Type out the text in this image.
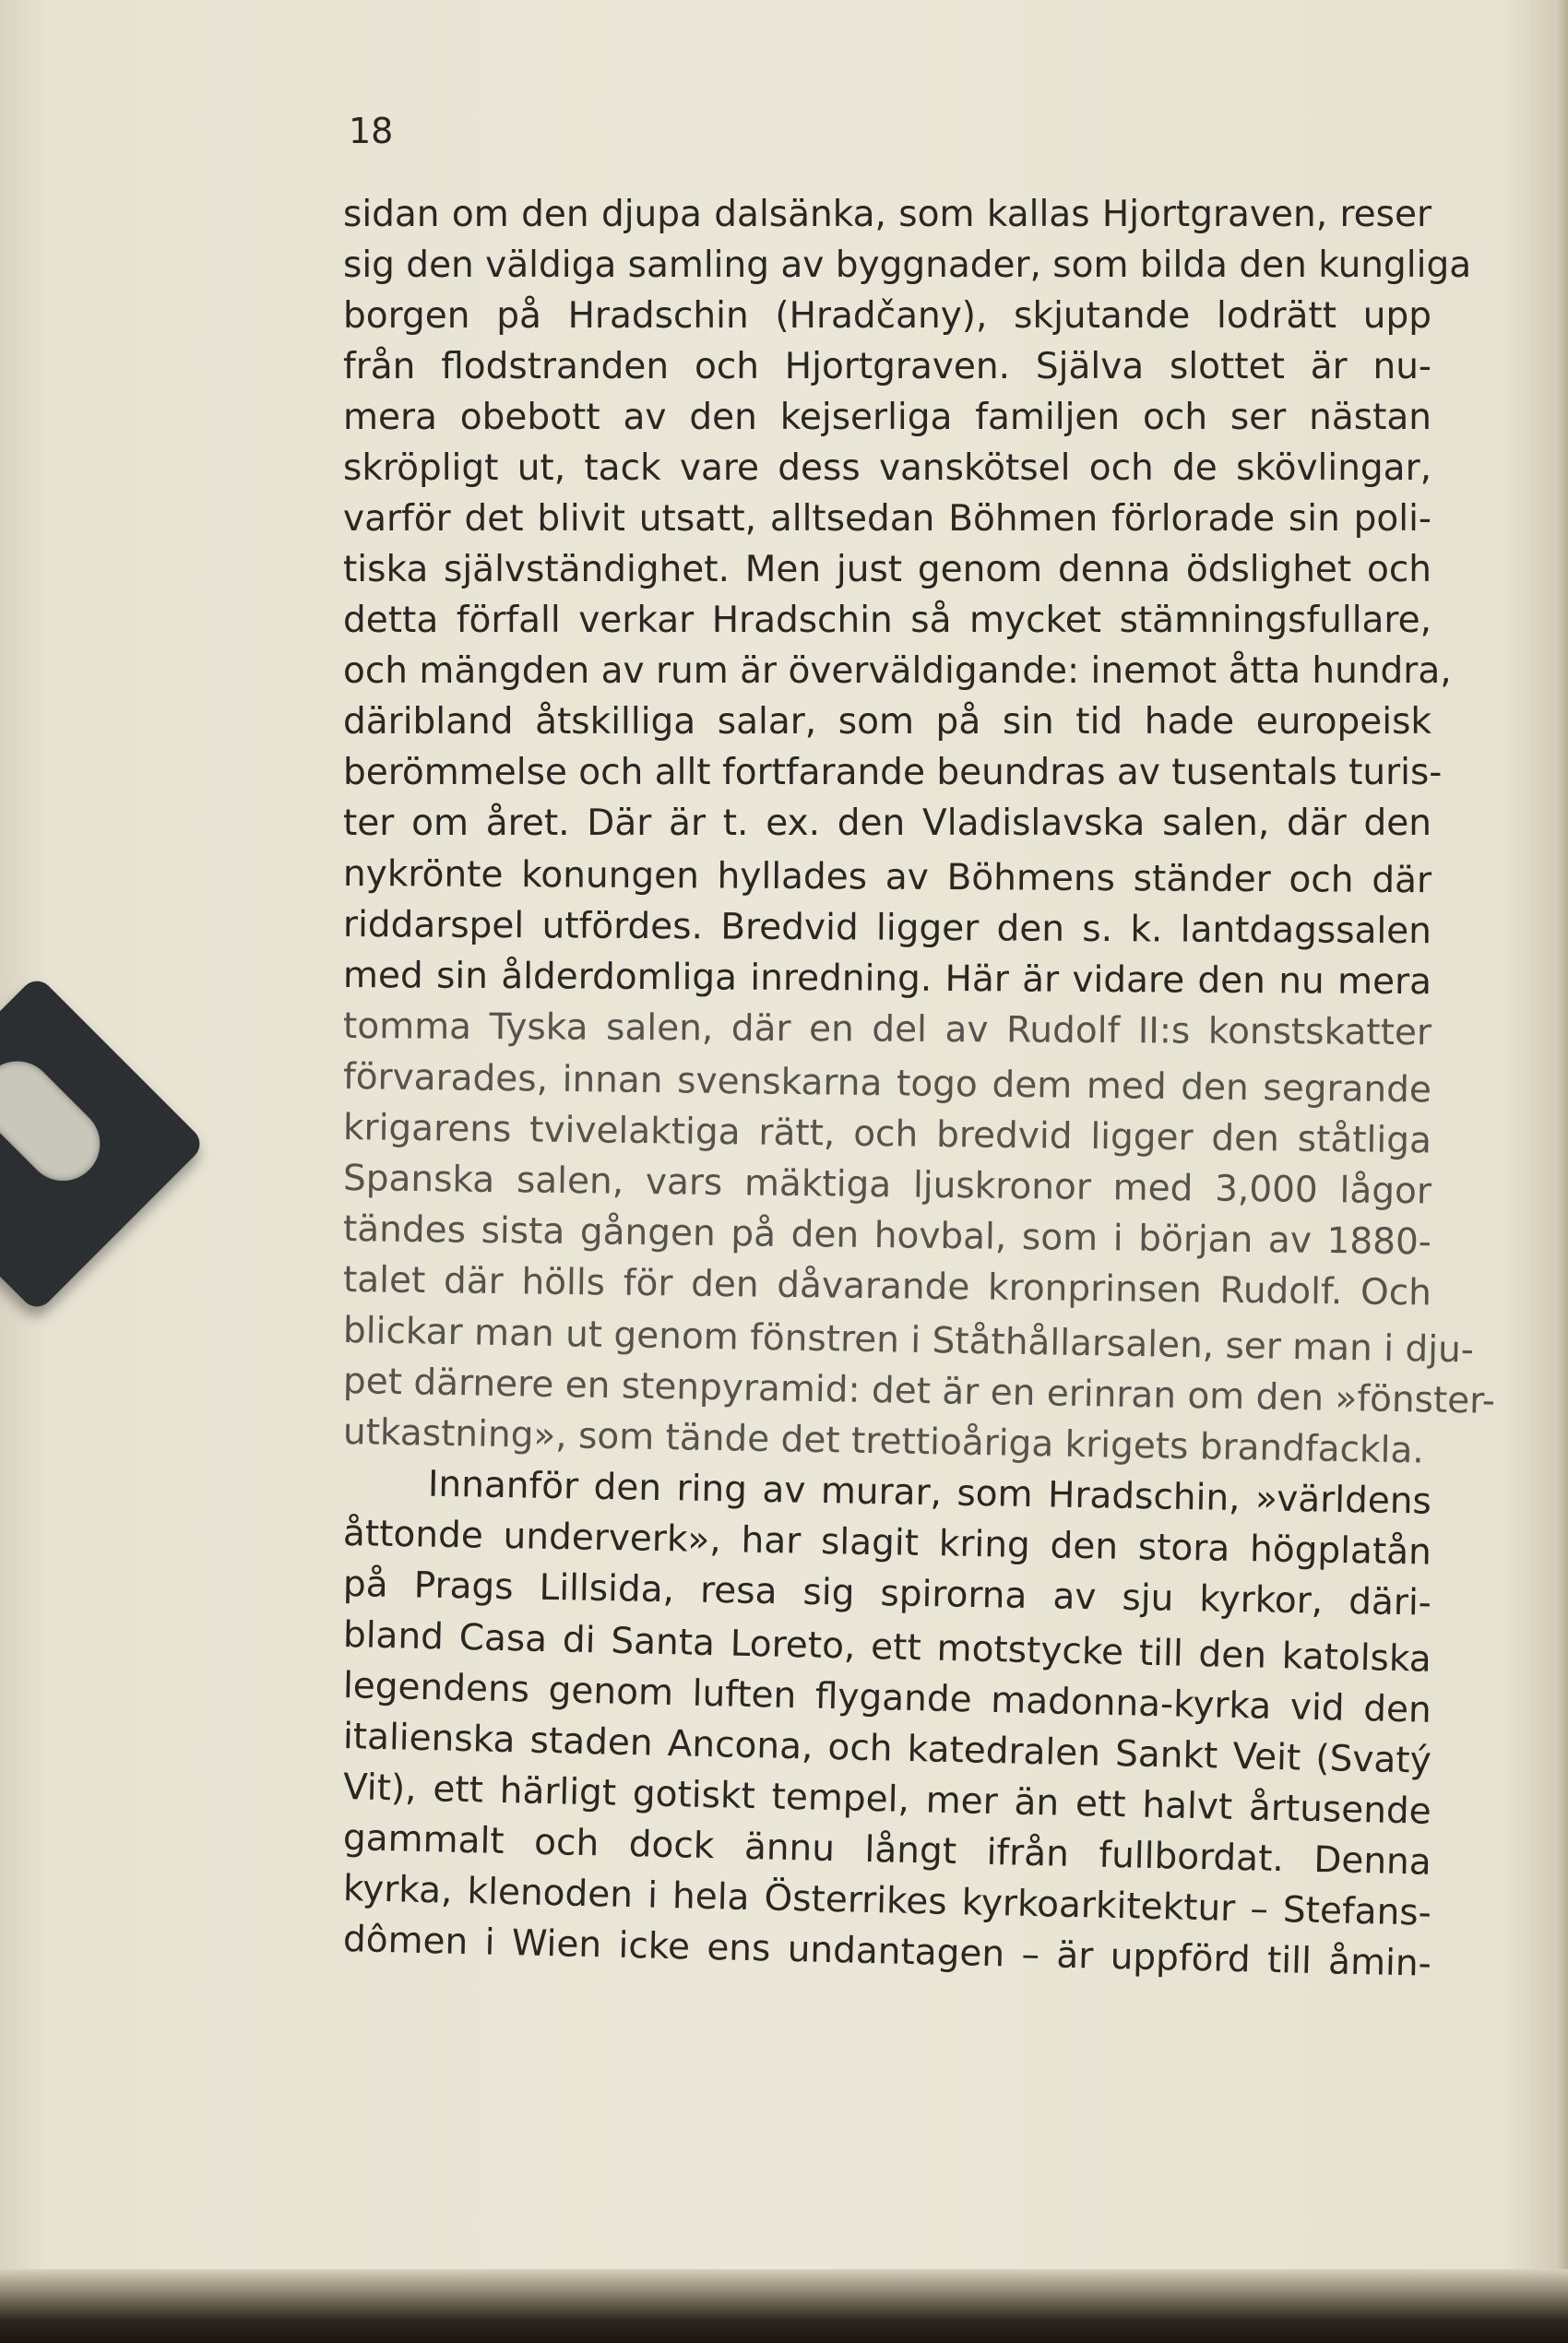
18
sidan om den djupa dalsänka, som kallas Hjortgraven, reser
sig den väldiga samling av byggnader, som bilda den kungliga
borgen på Hradschin (Hradčany), skjutande lodrätt upp
från flodstranden och Hjortgraven. Själva slottet är nu-
mera obebott av den kejserliga familjen och ser nästan
skröpligt ut, tack vare dess vanskötsel och de skövlingar,
varför det blivit utsatt, alltsedan Böhmen förlorade sin poli-
tiska självständighet. Men just genom denna ödslighet och
detta förfall verkar Hradschin så mycket stämningsfullare,
och mängden av rum är överväldigande: inemot åtta hundra,
däribland åtskilliga salar, som på sin tid hade europeisk
berömmelse och allt fortfarande beundras av tusentals turis-
ter om året. Där är t. ex. den Vladislavska salen, där den
nykrönte konungen hyllades av Böhmens ständer och där
riddarspel utfördes. Bredvid ligger den s. k. lantdagssalen
med sin ålderdomliga inredning. Här är vidare den nu mera
tomma Tyska salen, där en del av Rudolf II:s konstskatter
förvarades, innan svenskarna togo dem med den segrande
krigarens tvivelaktiga rätt, och bredvid ligger den ståtliga
Spanska salen, vars mäktiga ljuskronor med 3,000 lågor
tändes sista gången på den hovbal, som i början av 1880-
talet där hölls för den dåvarande kronprinsen Rudolf. Och
blickar man ut genom fönstren i Ståthållarsalen, ser man i dju-
pet därnere en stenpyramid: det är en erinran om den »fönster-
utkastning», som tände det trettioåriga krigets brandfackla.
Innanför den ring av murar, som Hradschin, »världens
åttonde underverk», har slagit kring den stora högplatån
på Prags Lillsida, resa sig spirorna av sju kyrkor, däri-
bland Casa di Santa Loreto, ett motstycke till den katolska
legendens genom luften flygande madonna-kyrka vid den
italienska staden Ancona, och katedralen Sankt Veit (Svatý
Vit), ett härligt gotiskt tempel, mer än ett halvt årtusende
gammalt och dock ännu långt ifrån fullbordat. Denna
kyrka, klenoden i hela Österrikes kyrkoarkitektur – Stefans-
dômen i Wien icke ens undantagen – är uppförd till åmin-
